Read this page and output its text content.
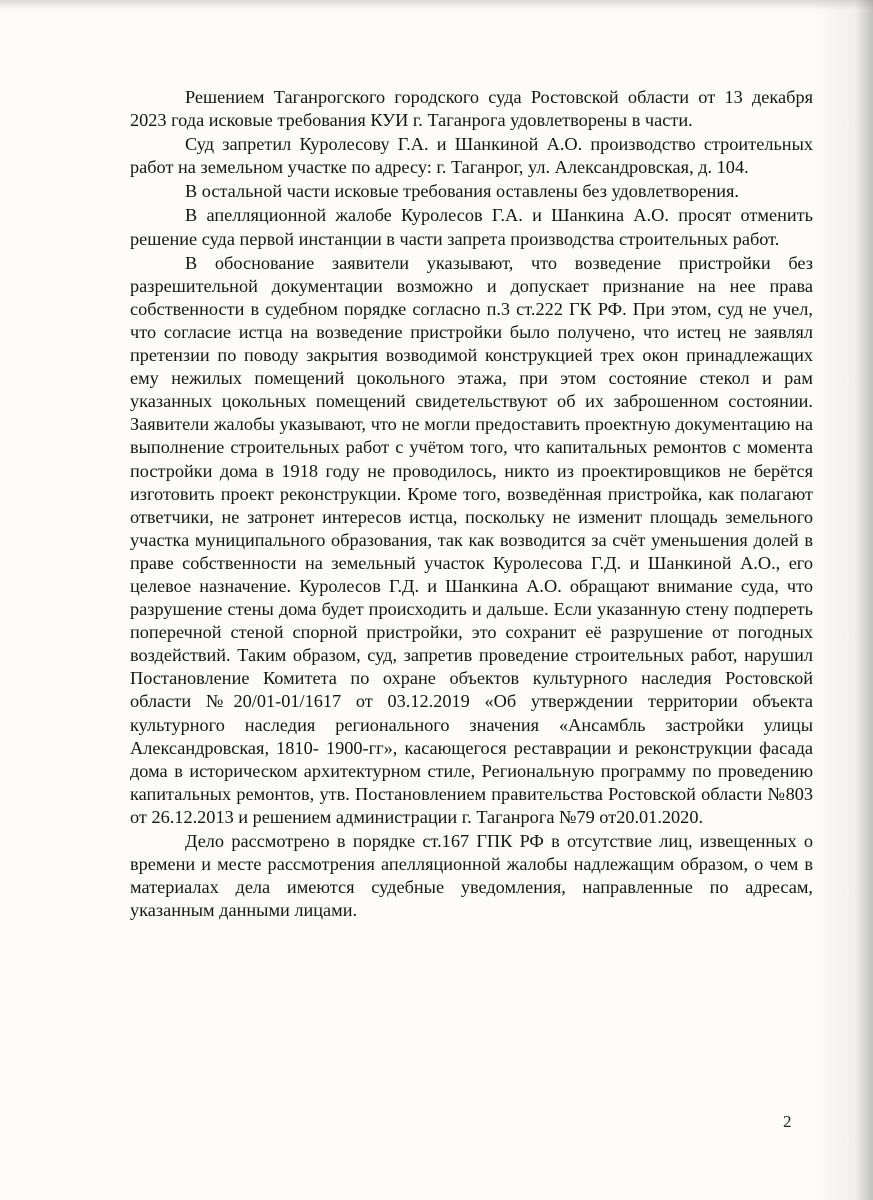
Решением Таганрогского городского суда Ростовской области от 13 декабря 2023 года исковые требования КУИ г. Таганрога удовлетворены в части.

Суд запретил Куролесову Г.А. и Шанкиной А.О. производство строительных работ на земельном участке по адресу: г. Таганрог, ул. Александровская, д. 104.

В остальной части исковые требования оставлены без удовлетворения.

В апелляционной жалобе Куролесов Г.А. и Шанкина А.О. просят отменить решение суда первой инстанции в части запрета производства строительных работ.

В обоснование заявители указывают, что возведение пристройки без разрешительной документации возможно и допускает признание на нее права собственности в судебном порядке согласно п.3 ст.222 ГК РФ. При этом, суд не учел, что согласие истца на возведение пристройки было получено, что истец не заявлял претензии по поводу закрытия возводимой конструкцией трех окон принадлежащих ему нежилых помещений цокольного этажа, при этом состояние стекол и рам указанных цокольных помещений свидетельствуют об их заброшенном состоянии. Заявители жалобы указывают, что не могли предоставить проектную документацию на выполнение строительных работ с учётом того, что капитальных ремонтов с момента постройки дома в 1918 году не проводилось, никто из проектировщиков не берётся изготовить проект реконструкции. Кроме того, возведённая пристройка, как полагают ответчики, не затронет интересов истца, поскольку не изменит площадь земельного участка муниципального образования, так как возводится за счёт уменьшения долей в праве собственности на земельный участок Куролесова Г.Д. и Шанкиной А.О., его целевое назначение. Куролесов Г.Д. и Шанкина А.О. обращают внимание суда, что разрушение стены дома будет происходить и дальше. Если указанную стену подпереть поперечной стеной спорной пристройки, это сохранит её разрушение от погодных воздействий. Таким образом, суд, запретив проведение строительных работ, нарушил Постановление Комитета по охране объектов культурного наследия Ростовской области №20/01-01/1617 от 03.12.2019 «Об утверждении территории объекта культурного наследия регионального значения «Ансамбль застройки улицы Александровская, 1810- 1900-гг», касающегося реставрации и реконструкции фасада дома в историческом архитектурном стиле, Региональную программу по проведению капитальных ремонтов, утв. Постановлением правительства Ростовской области №803 от 26.12.2013 и решением администрации г. Таганрога №79 от20.01.2020.

Дело рассмотрено в порядке ст.167 ГПК РФ в отсутствие лиц, извещенных о времени и месте рассмотрения апелляционной жалобы надлежащим образом, о чем в материалах дела имеются судебные уведомления, направленные по адресам, указанным данными лицами.

2
